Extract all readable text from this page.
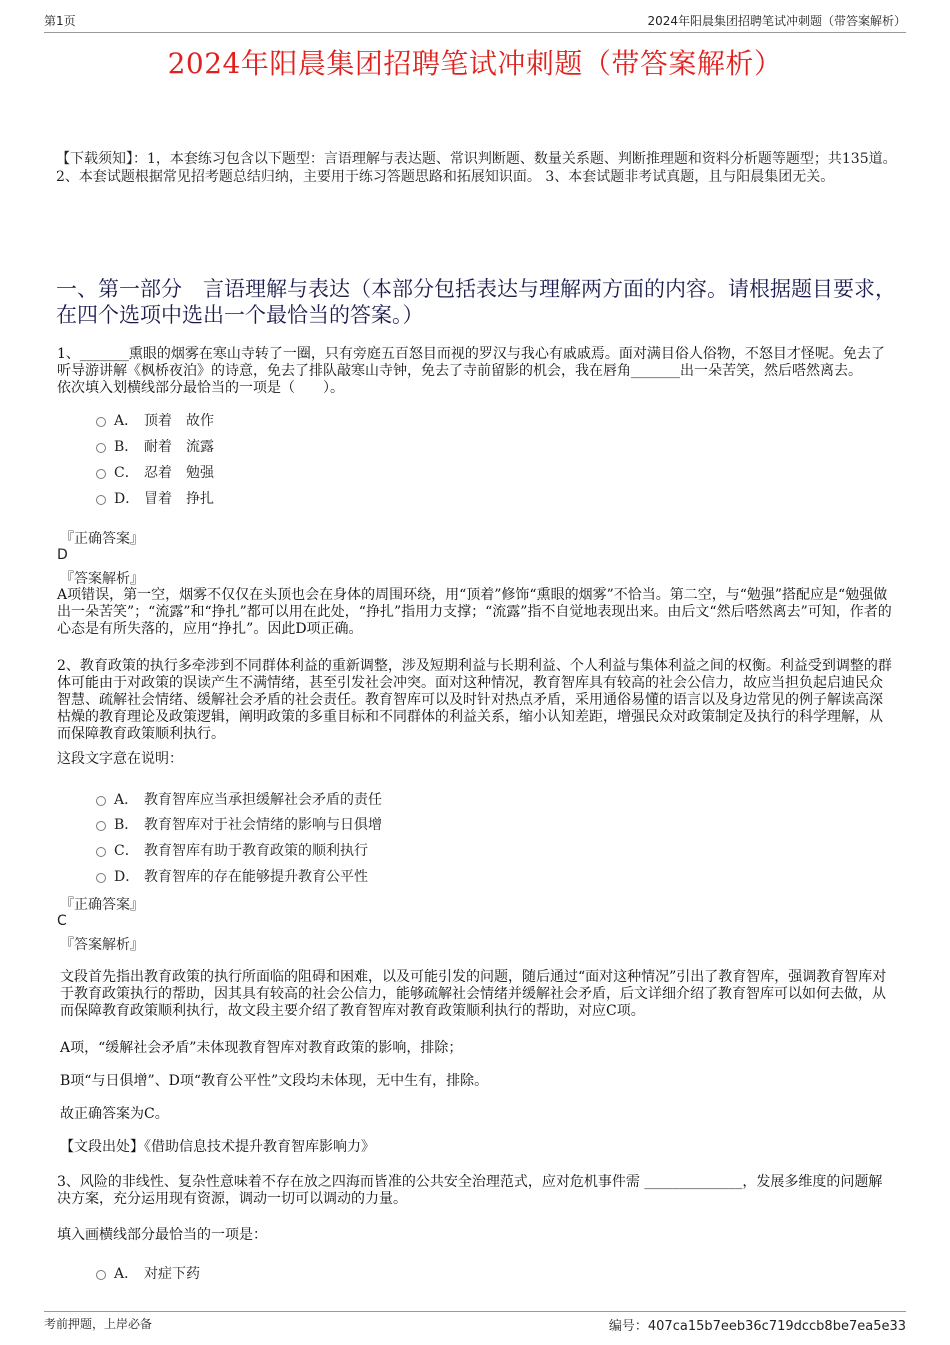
第1页	2024年阳晨集团招聘笔试冲刺题（带答案解析）
2024年阳晨集团招聘笔试冲刺题（带答案解析）
【下载须知】：1，本套练习包含以下题型：言语理解与表达题、常识判断题、数量关系题、判断推理题和资料分析题等题型；共135道。 2、本套试题根据常见招考题总结归纳，主要用于练习答题思路和拓展知识面。 3、本套试题非考试真题，且与阳晨集团无关。
一、第一部分　言语理解与表达（本部分包括表达与理解两方面的内容。请根据题目要求，在四个选项中选出一个最恰当的答案。）
1、_______熏眼的烟雾在寒山寺转了一圈，只有旁庭五百怒目而视的罗汉与我心有戚戚焉。面对满目俗人俗物，不怒目才怪呢。免去了听导游讲解《枫桥夜泊》的诗意，免去了排队敲寒山寺钟，免去了寺前留影的机会，我在唇角_______出一朵苦笑，然后嗒然离去。
依次填入划横线部分最恰当的一项是（　　）。
A． 顶着　故作
B． 耐着　流露
C． 忍着　勉强
D． 冒着　挣扎
『正确答案』
D
『答案解析』
A项错误，第一空，烟雾不仅仅在头顶也会在身体的周围环绕，用“顶着”修饰“熏眼的烟雾”不恰当。第二空，与“勉强”搭配应是“勉强做出一朵苦笑”；“流露”和“挣扎”都可以用在此处，“挣扎”指用力支撑；“流露”指不自觉地表现出来。由后文“然后嗒然离去”可知，作者的心态是有所失落的，应用“挣扎”。因此D项正确。
2、教育政策的执行多牵涉到不同群体利益的重新调整，涉及短期利益与长期利益、个人利益与集体利益之间的权衡。利益受到调整的群体可能由于对政策的误读产生不满情绪，甚至引发社会冲突。面对这种情况，教育智库具有较高的社会公信力，故应当担负起启迪民众智慧、疏解社会情绪、缓解社会矛盾的社会责任。教育智库可以及时针对热点矛盾，采用通俗易懂的语言以及身边常见的例子解读高深枯燥的教育理论及政策逻辑，阐明政策的多重目标和不同群体的利益关系，缩小认知差距，增强民众对政策制定及执行的科学理解，从而保障教育政策顺利执行。
这段文字意在说明：
A． 教育智库应当承担缓解社会矛盾的责任
B． 教育智库对于社会情绪的影响与日俱增
C． 教育智库有助于教育政策的顺利执行
D． 教育智库的存在能够提升教育公平性
『正确答案』
C
『答案解析』
文段首先指出教育政策的执行所面临的阻碍和困难，以及可能引发的问题，随后通过“面对这种情况”引出了教育智库，强调教育智库对于教育政策执行的帮助，因其具有较高的社会公信力，能够疏解社会情绪并缓解社会矛盾，后文详细介绍了教育智库可以如何去做，从而保障教育政策顺利执行，故文段主要介绍了教育智库对教育政策顺利执行的帮助，对应C项。
A项，“缓解社会矛盾”未体现教育智库对教育政策的影响，排除；
B项“与日俱增”、D项“教育公平性”文段均未体现，无中生有，排除。
故正确答案为C。
【文段出处】《借助信息技术提升教育智库影响力》
3、风险的非线性、复杂性意味着不存在放之四海而皆准的公共安全治理范式，应对危机事件需 ______________，发展多维度的问题解决方案，充分运用现有资源，调动一切可以调动的力量。
填入画横线部分最恰当的一项是：
A． 对症下药
考前押题，上岸必备	编号：407ca15b7eeb36c719dccb8be7ea5e33
